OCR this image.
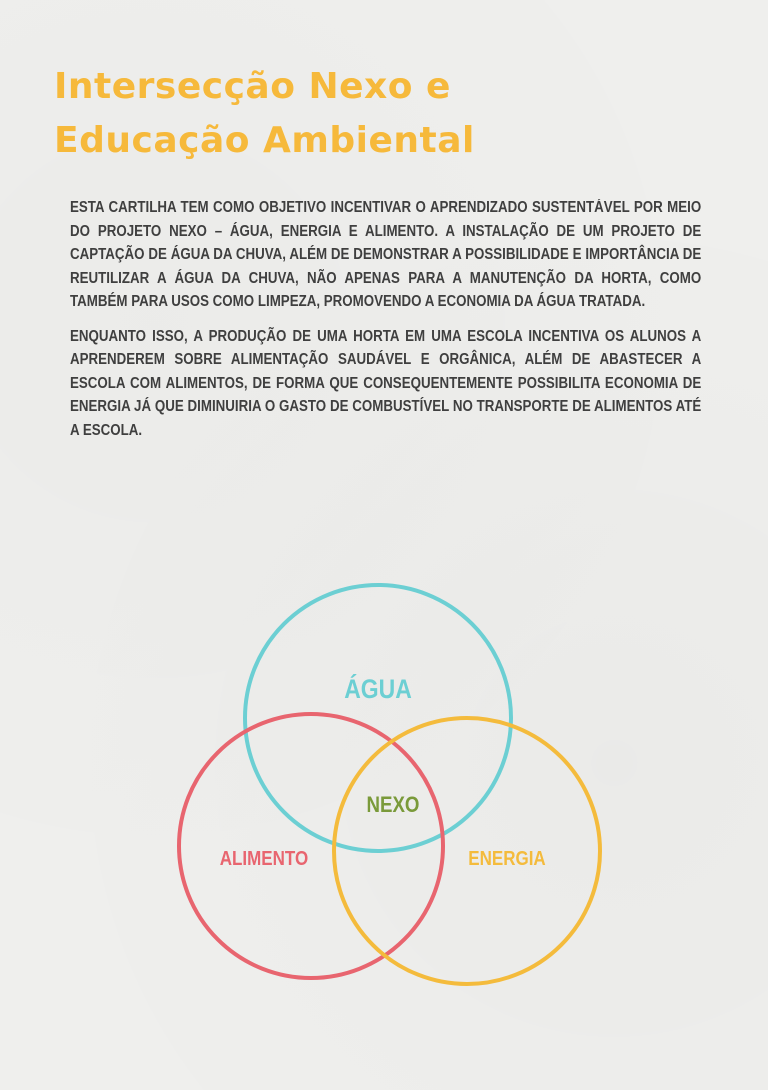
Intersecção Nexo e
Educação Ambiental

ESTA CARTILHA TEM COMO OBJETIVO INCENTIVAR O APRENDIZADO SUSTENTÁVEL POR MEIO DO PROJETO NEXO – ÁGUA, ENERGIA E ALIMENTO. A INSTALAÇÃO DE UM PROJETO DE CAPTAÇÃO DE ÁGUA DA CHUVA, ALÉM DE DEMONSTRAR A POSSIBILIDADE E IMPORTÂNCIA DE REUTILIZAR A ÁGUA DA CHUVA, NÃO APENAS PARA A MANUTENÇÃO DA HORTA, COMO TAMBÉM PARA USOS COMO LIMPEZA, PROMOVENDO A ECONOMIA DA ÁGUA TRATADA.

ENQUANTO ISSO, A PRODUÇÃO DE UMA HORTA EM UMA ESCOLA INCENTIVA OS ALUNOS A APRENDEREM SOBRE ALIMENTAÇÃO SAUDÁVEL E ORGÂNICA, ALÉM DE ABASTECER A ESCOLA COM ALIMENTOS, DE FORMA QUE CONSEQUENTEMENTE POSSIBILITA ECONOMIA DE ENERGIA JÁ QUE DIMINUIRIA O GASTO DE COMBUSTÍVEL NO TRANSPORTE DE ALIMENTOS ATÉ A ESCOLA.

ÁGUA
NEXO
ALIMENTO	ENERGIA
